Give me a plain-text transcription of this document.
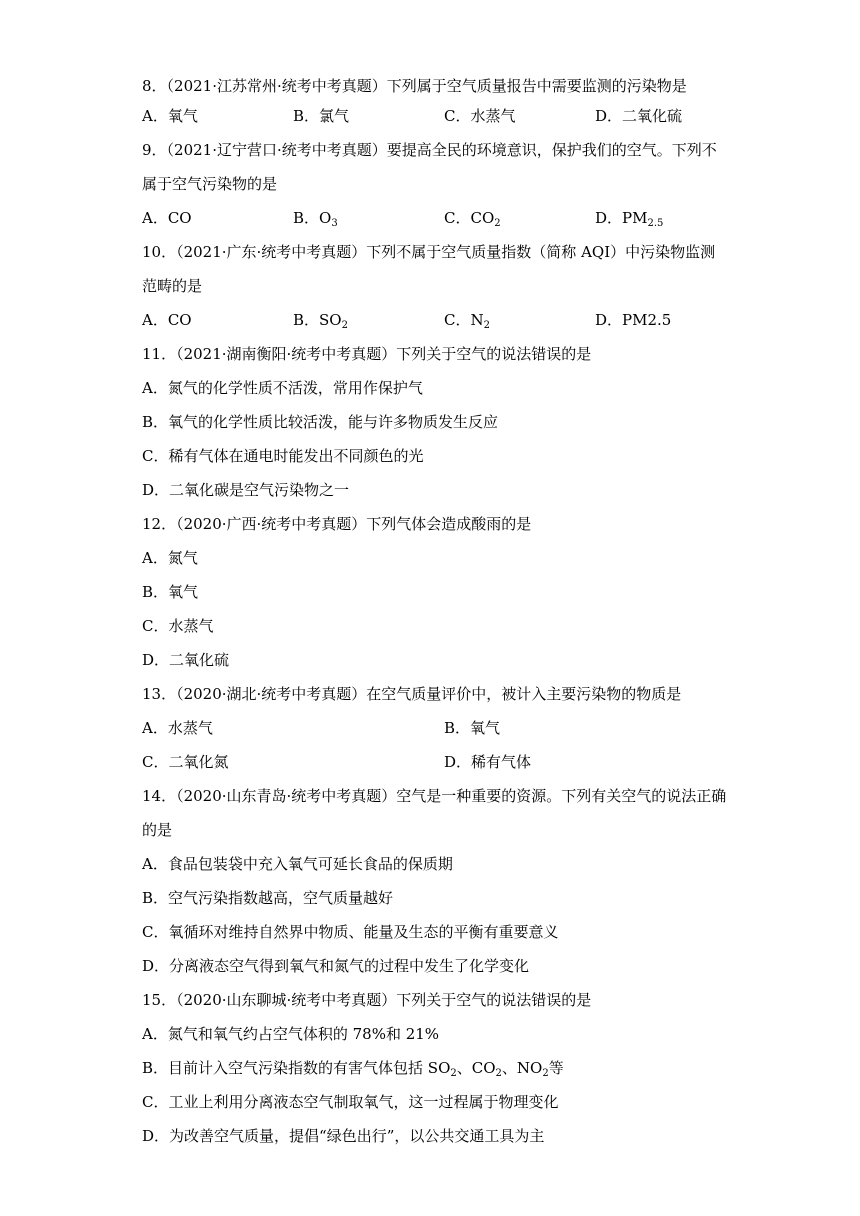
8．（2021·江苏常州·统考中考真题）下列属于空气质量报告中需要监测的污染物是
A．氧气	B．氯气	C．水蒸气	D．二氧化硫
9．（2021·辽宁营口·统考中考真题）要提高全民的环境意识，保护我们的空气。下列不
属于空气污染物的是
A．CO	B．$O_3$	C．$CO_2$	D．$PM_{2.5}$
10．（2021·广东·统考中考真题）下列不属于空气质量指数（简称 AQI）中污染物监测
范畴的是
A．CO	B．$SO_2$	C．$N_2$	D．PM2.5
11．（2021·湖南衡阳·统考中考真题）下列关于空气的说法错误的是
A．氮气的化学性质不活泼，常用作保护气
B．氧气的化学性质比较活泼，能与许多物质发生反应
C．稀有气体在通电时能发出不同颜色的光
D．二氧化碳是空气污染物之一
12．（2020·广西·统考中考真题）下列气体会造成酸雨的是
A．氮气
B．氧气
C．水蒸气
D．二氧化硫
13．（2020·湖北·统考中考真题）在空气质量评价中，被计入主要污染物的物质是
A．水蒸气	B．氧气
C．二氧化氮	D．稀有气体
14．（2020·山东青岛·统考中考真题）空气是一种重要的资源。下列有关空气的说法正确
的是
A．食品包装袋中充入氧气可延长食品的保质期
B．空气污染指数越高，空气质量越好
C．氧循环对维持自然界中物质、能量及生态的平衡有重要意义
D．分离液态空气得到氧气和氮气的过程中发生了化学变化
15．（2020·山东聊城·统考中考真题）下列关于空气的说法错误的是
A．氮气和氧气约占空气体积的 78%和 21%
B．目前计入空气污染指数的有害气体包括 $SO_2$、$CO_2$、$NO_2$等
C．工业上利用分离液态空气制取氧气，这一过程属于物理变化
D．为改善空气质量，提倡“绿色出行”，以公共交通工具为主
